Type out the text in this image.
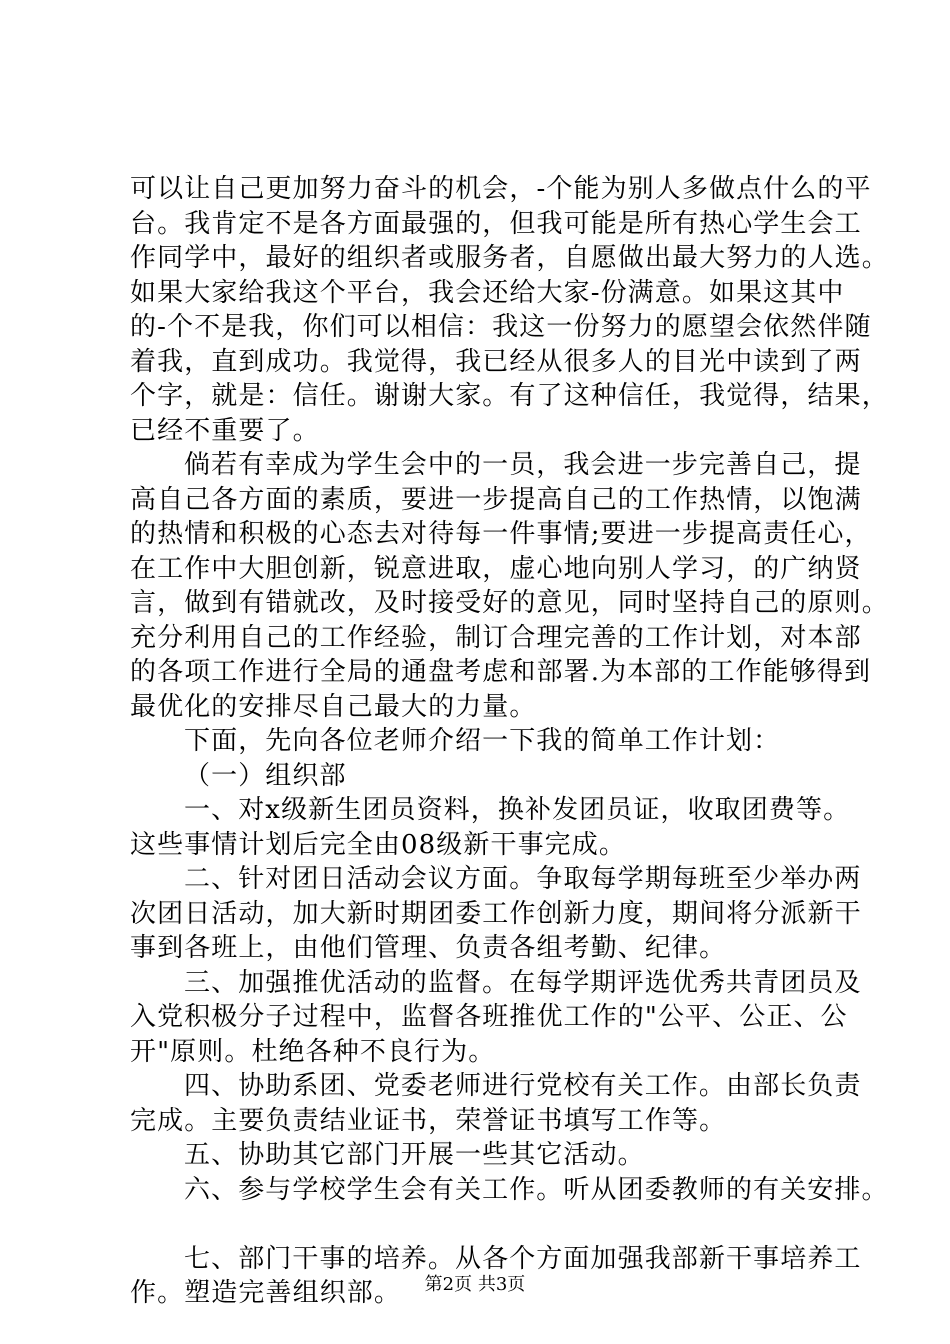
可以让自己更加努力奋斗的机会，-个能为别人多做点什么的平
台。我肯定不是各方面最强的，但我可能是所有热心学生会工
作同学中，最好的组织者或服务者，自愿做出最大努力的人选。
如果大家给我这个平台，我会还给大家-份满意。如果这其中
的-个不是我，你们可以相信：我这一份努力的愿望会依然伴随
着我，直到成功。我觉得，我已经从很多人的目光中读到了两
个字，就是：信任。谢谢大家。有了这种信任，我觉得，结果，
已经不重要了。
倘若有幸成为学生会中的一员，我会进一步完善自己，提
高自己各方面的素质，要进一步提高自己的工作热情，以饱满
的热情和积极的心态去对待每一件事情;要进一步提高责任心，
在工作中大胆创新，锐意进取，虚心地向别人学习，的广纳贤
言，做到有错就改，及时接受好的意见，同时坚持自己的原则。
充分利用自己的工作经验，制订合理完善的工作计划，对本部
的各项工作进行全局的通盘考虑和部署.为本部的工作能够得到
最优化的安排尽自己最大的力量。
下面，先向各位老师介绍一下我的简单工作计划：
（一）组织部
一、对x级新生团员资料，换补发团员证，收取团费等。
这些事情计划后完全由08级新干事完成。
二、针对团日活动会议方面。争取每学期每班至少举办两
次团日活动，加大新时期团委工作创新力度，期间将分派新干
事到各班上，由他们管理、负责各组考勤、纪律。
三、加强推优活动的监督。在每学期评选优秀共青团员及
入党积极分子过程中，监督各班推优工作的"公平、公正、公
开"原则。杜绝各种不良行为。
四、协助系团、党委老师进行党校有关工作。由部长负责
完成。主要负责结业证书，荣誉证书填写工作等。
五、协助其它部门开展一些其它活动。
六、参与学校学生会有关工作。听从团委教师的有关安排。
七、部门干事的培养。从各个方面加强我部新干事培养工
作。塑造完善组织部。	第2页 共3页
